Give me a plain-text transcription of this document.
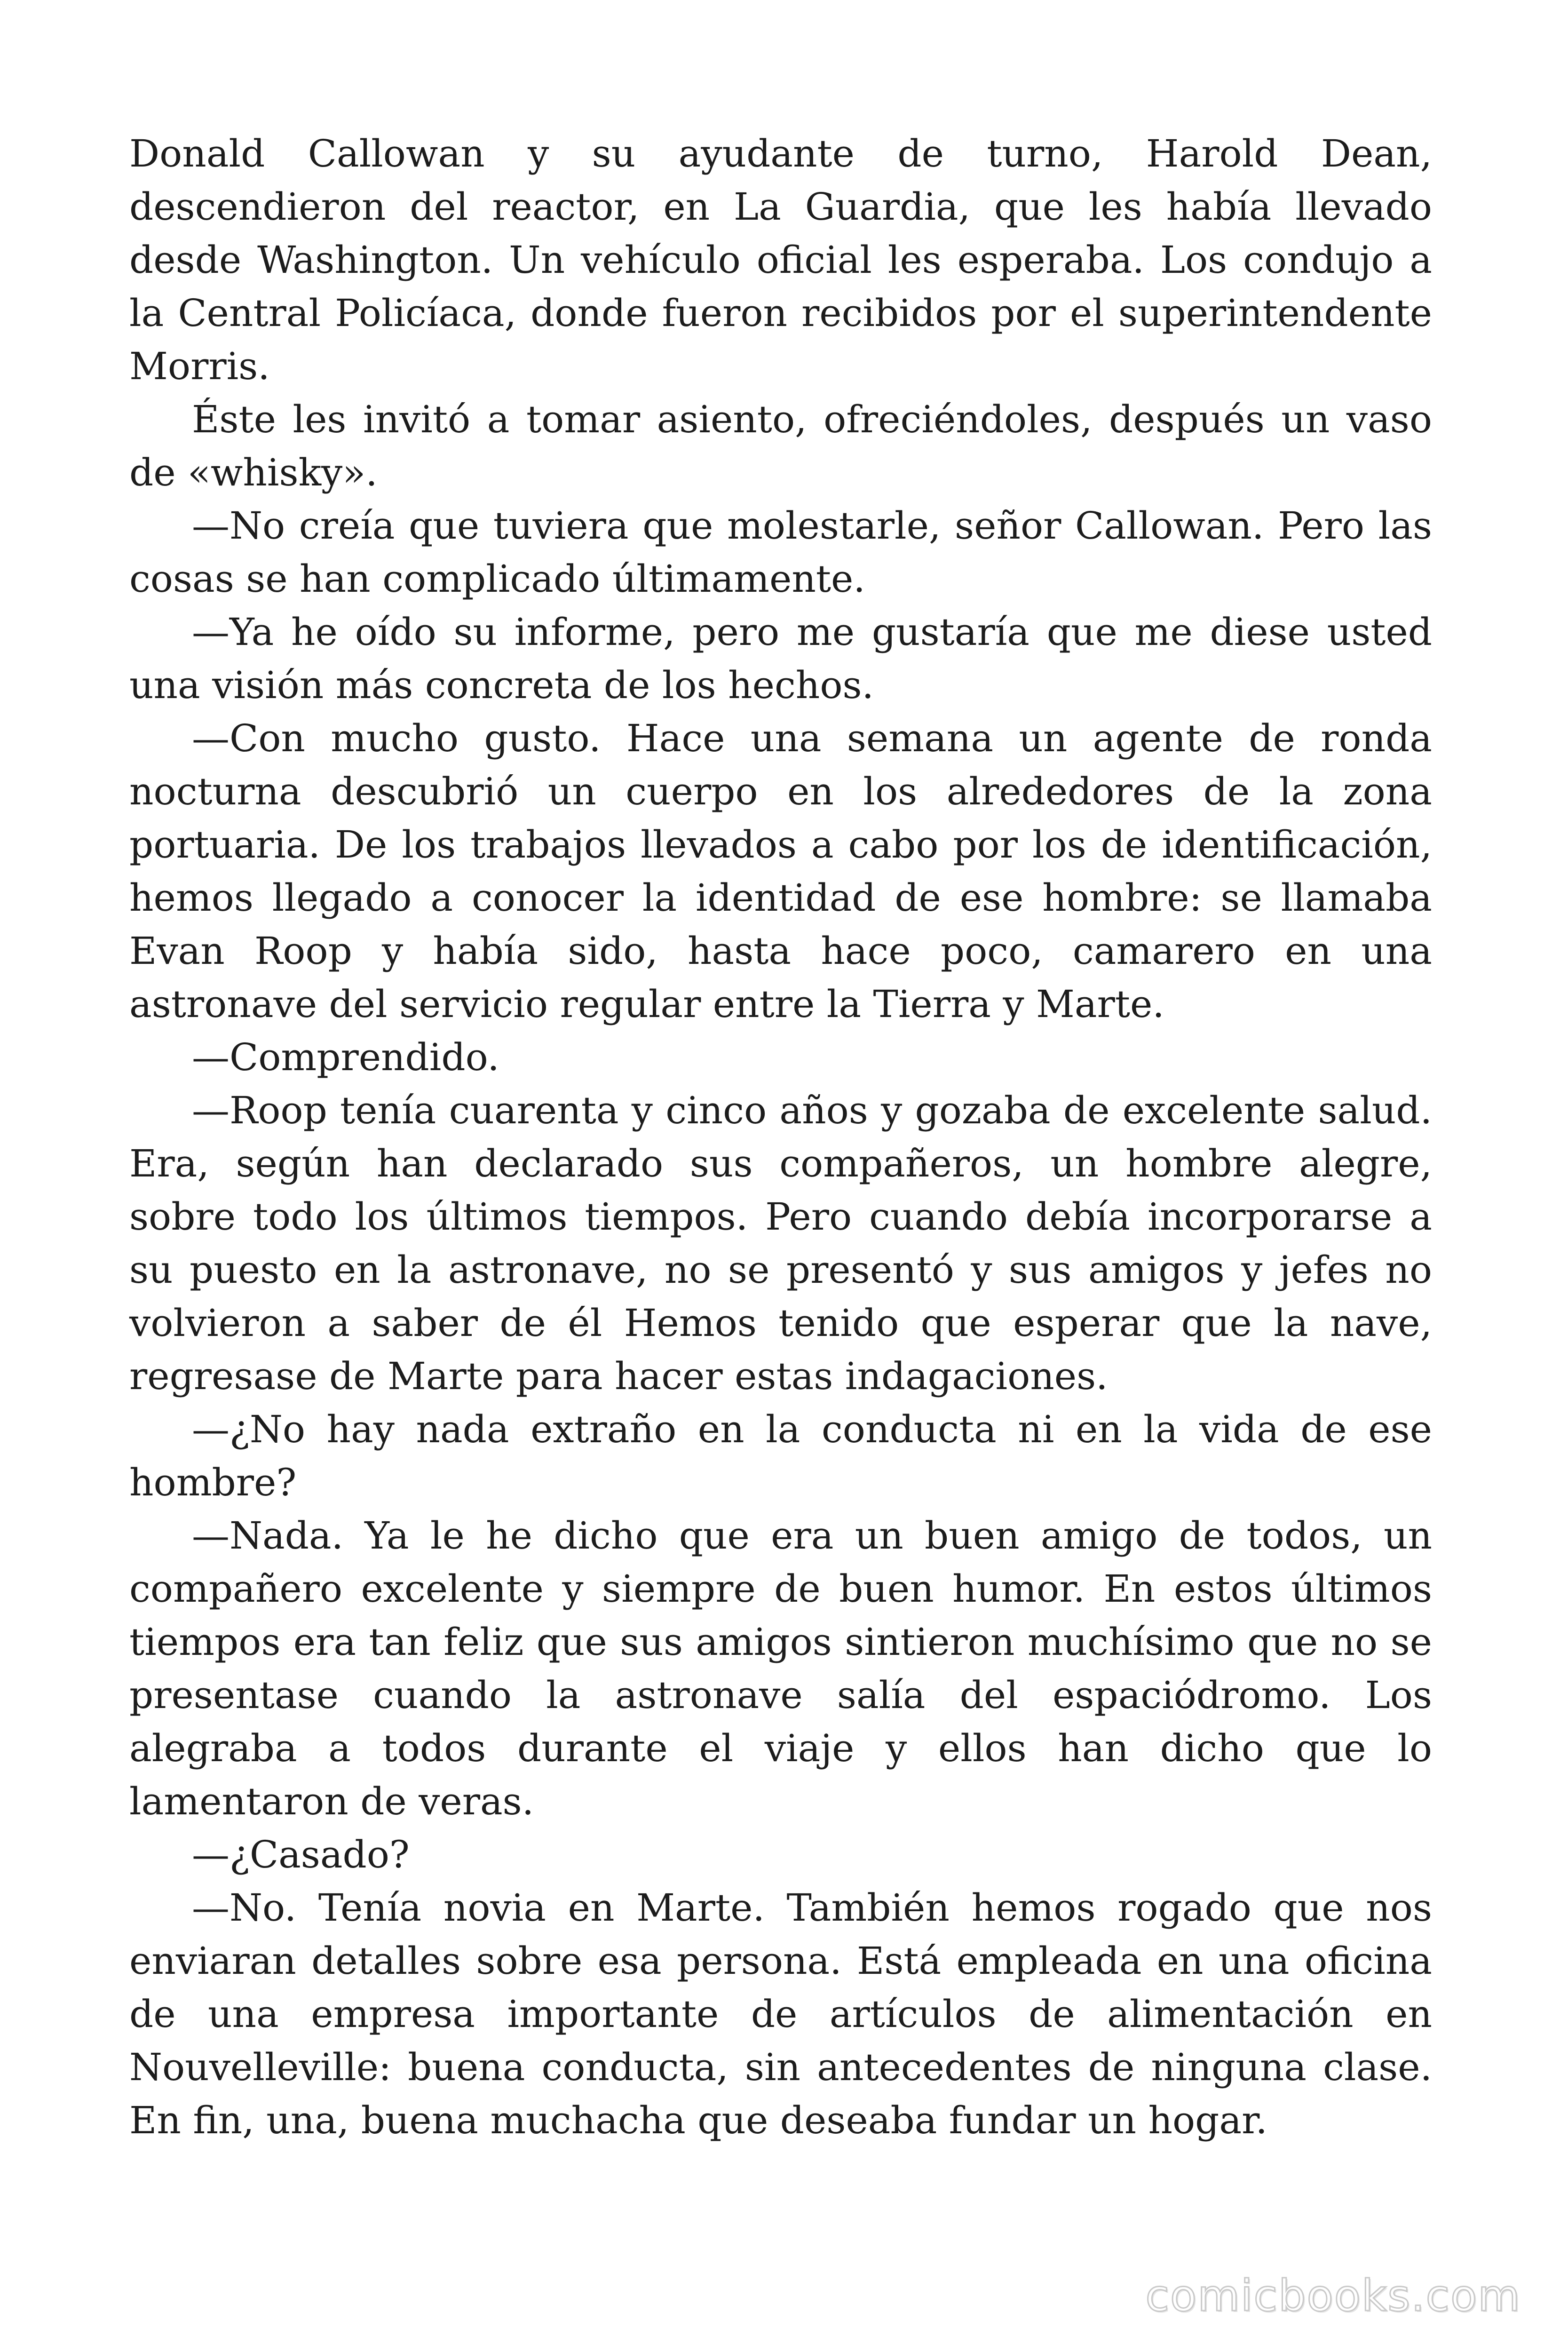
Donald Callowan y su ayudante de turno, Harold Dean, descendieron del reactor, en La Guardia, que les había llevado desde Washington. Un vehículo oficial les esperaba. Los condujo a la Central Policíaca, donde fueron recibidos por el superintendente Morris.

Éste les invitó a tomar asiento, ofreciéndoles, después un vaso de «whisky».

—No creía que tuviera que molestarle, señor Callowan. Pero las cosas se han complicado últimamente.

—Ya he oído su informe, pero me gustaría que me diese usted una visión más concreta de los hechos.

—Con mucho gusto. Hace una semana un agente de ronda nocturna descubrió un cuerpo en los alrededores de la zona portuaria. De los trabajos llevados a cabo por los de identificación, hemos llegado a conocer la identidad de ese hombre: se llamaba Evan Roop y había sido, hasta hace poco, camarero en una astronave del servicio regular entre la Tierra y Marte.

—Comprendido.

—Roop tenía cuarenta y cinco años y gozaba de excelente salud. Era, según han declarado sus compañeros, un hombre alegre, sobre todo los últimos tiempos. Pero cuando debía incorporarse a su puesto en la astronave, no se presentó y sus amigos y jefes no volvieron a saber de él Hemos tenido que esperar que la nave, regresase de Marte para hacer estas indagaciones.

—¿No hay nada extraño en la conducta ni en la vida de ese hombre?

—Nada. Ya le he dicho que era un buen amigo de todos, un compañero excelente y siempre de buen humor. En estos últimos tiempos era tan feliz que sus amigos sintieron muchísimo que no se presentase cuando la astronave salía del espaciódromo. Los alegraba a todos durante el viaje y ellos han dicho que lo lamentaron de veras.

—¿Casado?

—No. Tenía novia en Marte. También hemos rogado que nos enviaran detalles sobre esa persona. Está empleada en una oficina de una empresa importante de artículos de alimentación en Nouvelleville: buena conducta, sin antecedentes de ninguna clase. En fin, una, buena muchacha que deseaba fundar un hogar.

comicbooks.com
